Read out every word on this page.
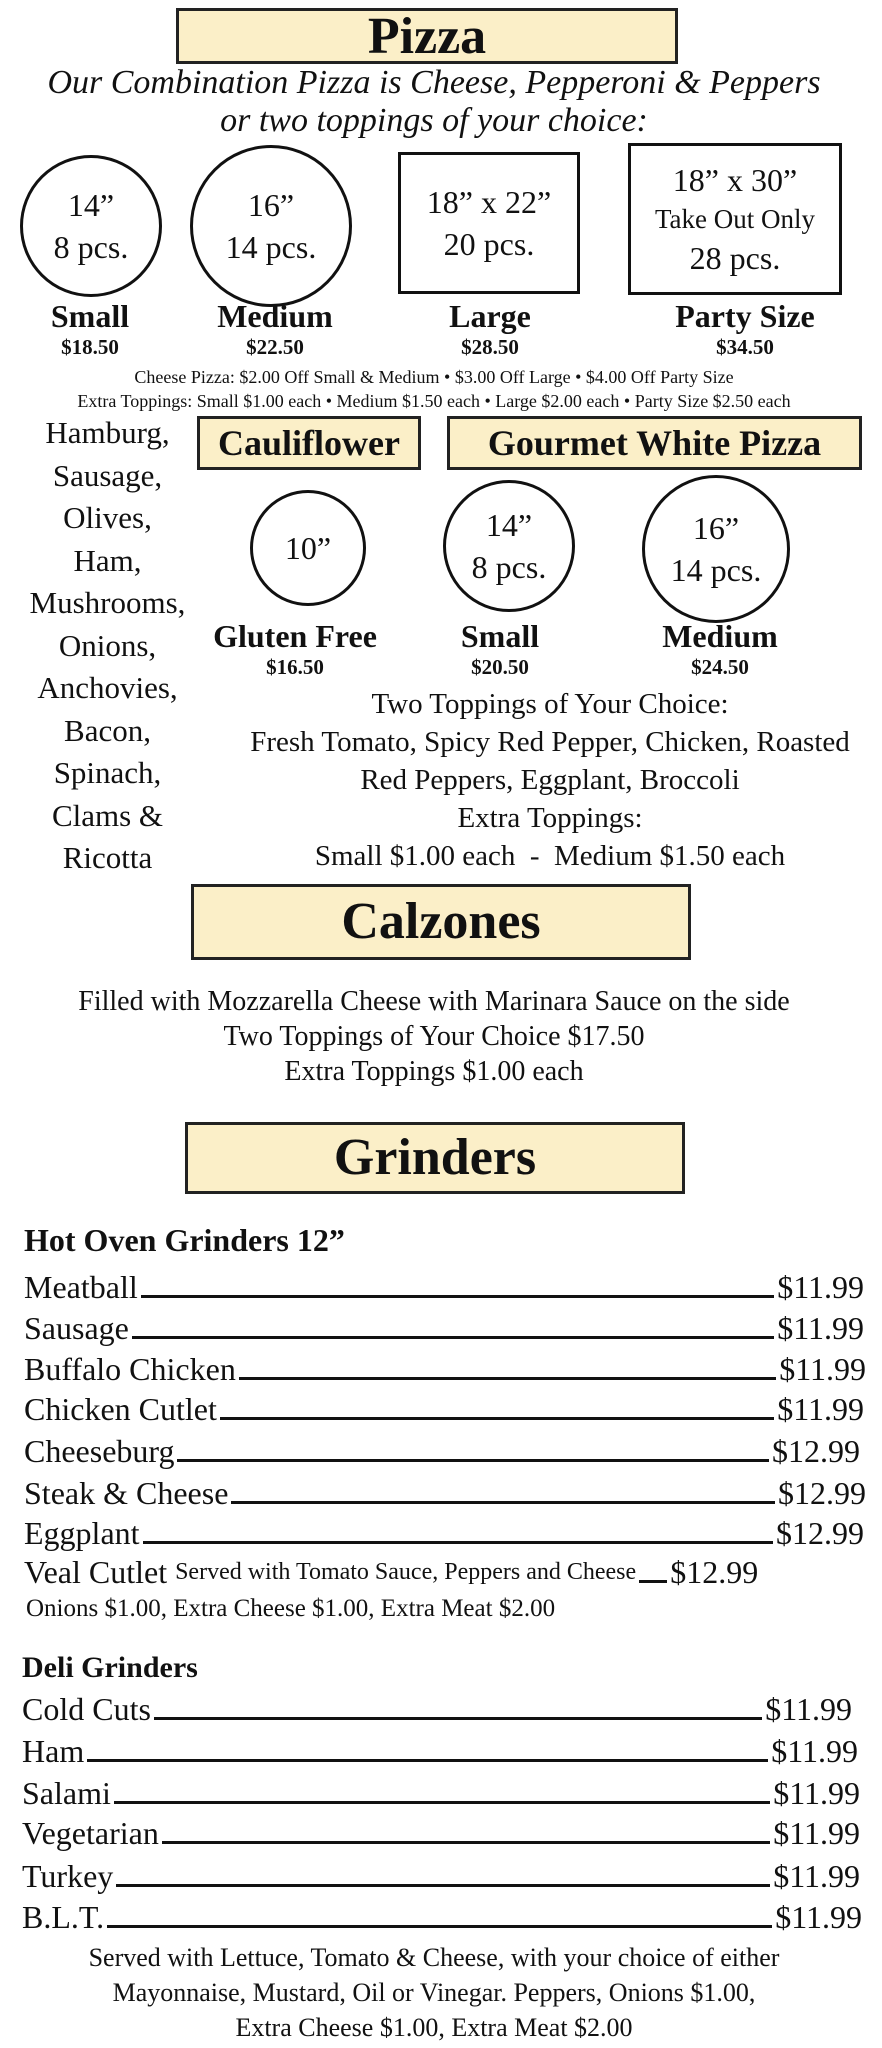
Pizza
Our Combination Pizza is Cheese, Pepperoni & Peppers
or two toppings of your choice:
14”
8 pcs.
16”
14 pcs.
18” x 22”
20 pcs.
18” x 30”
Take Out Only
28 pcs.
Small
$18.50
Medium
$22.50
Large
$28.50
Party Size
$34.50
Cheese Pizza: $2.00 Off Small & Medium • $3.00 Off Large • $4.00 Off Party Size
Extra Toppings: Small $1.00 each • Medium $1.50 each • Large $2.00 each • Party Size $2.50 each
Hamburg,
Sausage,
Olives,
Ham,
Mushrooms,
Onions,
Anchovies,
Bacon,
Spinach,
Clams &
Ricotta
Cauliflower
10”
Gluten Free
$16.50
Gourmet White Pizza
14”
8 pcs.
16”
14 pcs.
Small
$20.50
Medium
$24.50
Two Toppings of Your Choice:
Fresh Tomato, Spicy Red Pepper, Chicken, Roasted
Red Peppers, Eggplant, Broccoli
Extra Toppings:
Small $1.00 each  -  Medium $1.50 each
Calzones
Filled with Mozzarella Cheese with Marinara Sauce on the side
Two Toppings of Your Choice $17.50
Extra Toppings $1.00 each
Grinders
Hot Oven Grinders 12”
Meatball	$11.99
Sausage	$11.99
Buffalo Chicken	$11.99
Chicken Cutlet	$11.99
Cheeseburg	$12.99
Steak & Cheese	$12.99
Eggplant	$12.99
Veal Cutlet Served with Tomato Sauce, Peppers and Cheese $12.99
Onions $1.00, Extra Cheese $1.00, Extra Meat $2.00
Deli Grinders
Cold Cuts	$11.99
Ham	$11.99
Salami	$11.99
Vegetarian	$11.99
Turkey	$11.99
B.L.T.	$11.99
Served with Lettuce, Tomato & Cheese, with your choice of either
Mayonnaise, Mustard, Oil or Vinegar. Peppers, Onions $1.00,
Extra Cheese $1.00, Extra Meat $2.00
